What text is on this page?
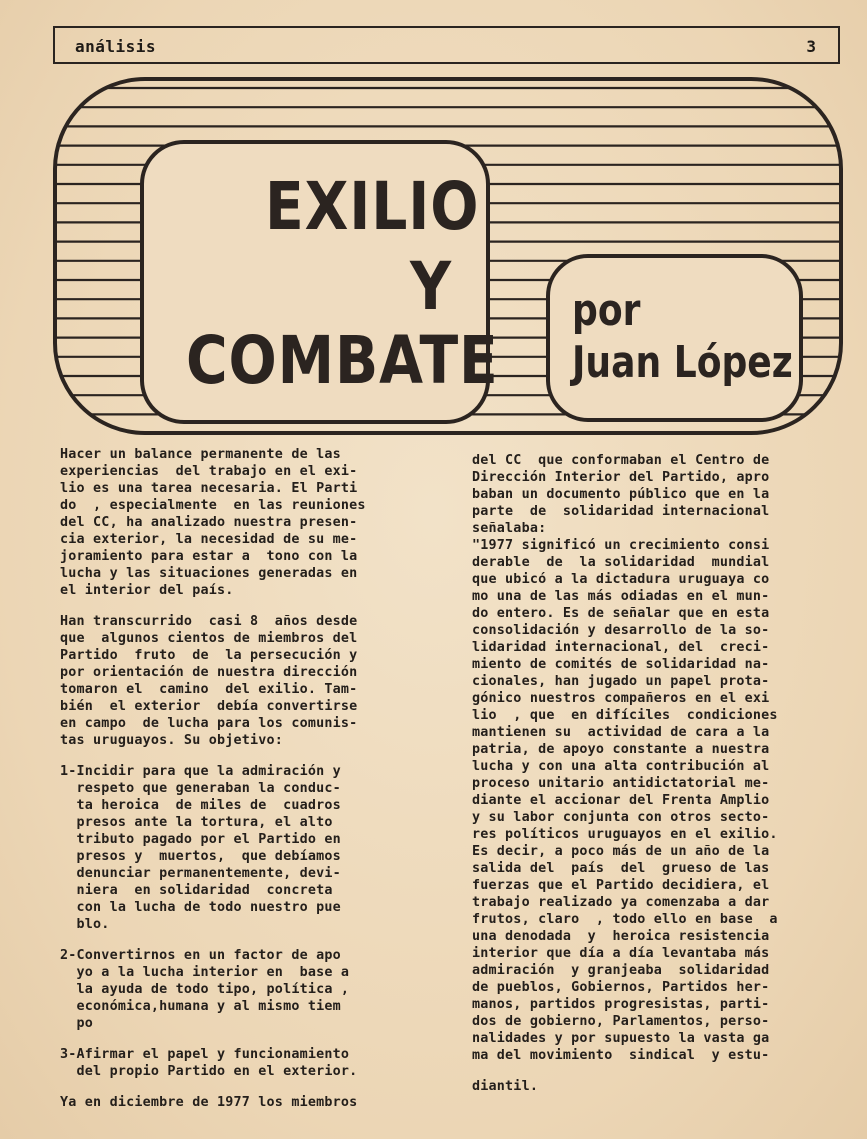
análisis	3
EXILIO
Y
COMBATE
por
Juan López
Hacer un balance permanente de las
experiencias  del trabajo en el exi-
lio es una tarea necesaria. El Parti
do  , especialmente  en las reuniones
del CC, ha analizado nuestra presen-
cia exterior, la necesidad de su me-
joramiento para estar a  tono con la
lucha y las situaciones generadas en
el interior del país.
Han transcurrido  casi 8  años desde
que  algunos cientos de miembros del
Partido  fruto  de  la persecución y
por orientación de nuestra dirección
tomaron el  camino  del exilio. Tam-
bién  el exterior  debía convertirse
en campo  de lucha para los comunis-
tas uruguayos. Su objetivo:
1-Incidir para que la admiración y
respeto que generaban la conduc-
ta heroica  de miles de  cuadros
presos ante la tortura, el alto
tributo pagado por el Partido en
presos y  muertos,  que debíamos
denunciar permanentemente, devi-
niera  en solidaridad  concreta
con la lucha de todo nuestro pue
blo.
2-Convertirnos en un factor de apo
yo a la lucha interior en  base a
la ayuda de todo tipo, política ,
económica,humana y al mismo tiem
po
3-Afirmar el papel y funcionamiento
del propio Partido en el exterior.
Ya en diciembre de 1977 los miembros
del CC  que conformaban el Centro de
Dirección Interior del Partido, apro
baban un documento público que en la
parte  de  solidaridad internacional
señalaba:
"1977 significó un crecimiento consi
derable  de  la solidaridad  mundial
que ubicó a la dictadura uruguaya co
mo una de las más odiadas en el mun-
do entero. Es de señalar que en esta
consolidación y desarrollo de la so-
lidaridad internacional, del  creci-
miento de comités de solidaridad na-
cionales, han jugado un papel prota-
gónico nuestros compañeros en el exi
lio  , que  en difíciles  condiciones
mantienen su  actividad de cara a la
patria, de apoyo constante a nuestra
lucha y con una alta contribución al
proceso unitario antidictatorial me-
diante el accionar del Frenta Amplio
y su labor conjunta con otros secto-
res políticos uruguayos en el exilio.
Es decir, a poco más de un año de la
salida del  país  del  grueso de las
fuerzas que el Partido decidiera, el
trabajo realizado ya comenzaba a dar
frutos, claro  , todo ello en base  a
una denodada  y  heroica resistencia
interior que día a día levantaba más
admiración  y granjeaba  solidaridad
de pueblos, Gobiernos, Partidos her-
manos, partidos progresistas, parti-
dos de gobierno, Parlamentos, perso-
nalidades y por supuesto la vasta ga
ma del movimiento  sindical  y estu-
diantil.
